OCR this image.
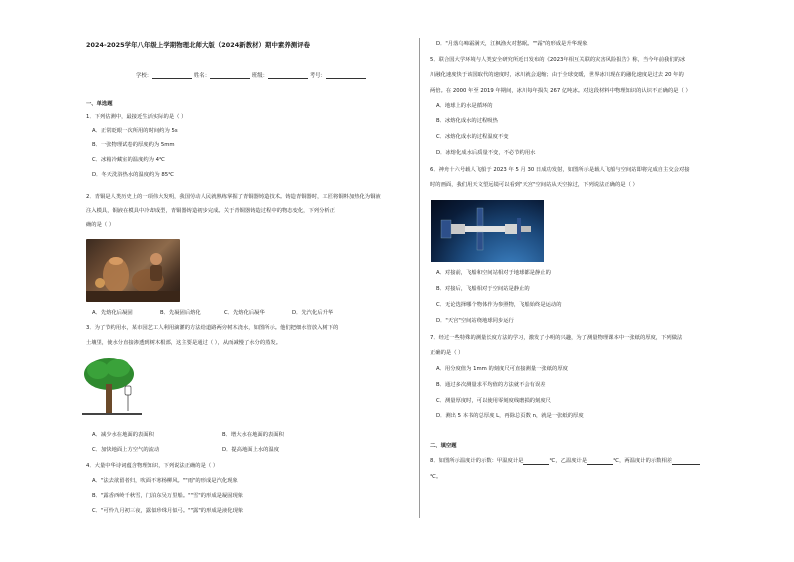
2024-2025学年八年级上学期物理北师大版（2024新教材）期中素养测评卷
学校：	姓名：	班级：	考号：
一、单选题
1．下列估测中，最接近生活实际的是（ ）
A．正常眨眼一次所用的时间约为 5s
B．一张物理试卷的厚度约为 5mm
C．冰箱冷藏室的温度约为 4℃
D．冬天洗浴热水的温度约为 85℃
2．青铜是人类历史上的一项伟大发明，我国劳动人民就熟练掌握了青铜器铸造技术。铸造青铜器时，工匠将铜料加热化为铜液
注入模具，铜液在模具中冷却成型，青铜器铸造初步完成。关于青铜器铸造过程中的物态变化，下列分析正
确的是（ ）
A．先熔化后凝固	B．先凝固后熔化	C．先熔化后凝华	D．先汽化后升华
3．为了节约用水，某市园艺工人利用滴灌的方法给道路两旁树木浇水，如图所示。他们把细水管放入树下的
土壤里，使水分直接渗透到树木根部，这主要是通过（ ），从而减慢了水分的蒸发。
A．减少水在地面的表面积	B．增大水在地面的表面积
C．加快地面上方空气的流动	D．提高地面上水的温度
4．大量中华诗词蕴含物理知识，下列说法正确的是（ ）
A．"法去欲留者归，吹面不寒杨柳风。""雨"的形成是汽化现象
B．"露香西岭千秋雪，门泊东吴万里船。""雪"的形成是凝固现象
C．"可怜九月初三夜，露似珍珠月似弓。""露"的形成是液化现象
D．"月落乌啼霜满天，江枫渔火对愁眠。""霜"的形成是升华现象
5．联合国大学环境与人类安全研究所近日发布的《2023年相互关联的灾害风险报告》称，当今年前我们的冰
川融化速度快于该国取代的速度时，冰川就会退缩；由于全球变暖，世界冰川现在的融化速度是过去 20 年的
两倍。在 2000 年至 2019 年期间，冰川每年损失 267 亿吨冰。对这段材料中物理知识的认识不正确的是（ ）
A．地球上的水是循环的
B．冰熔化成水的过程吸热
C．冰熔化成水的过程温度不变
D．冰熔化成水后质量不变，不必节约用水
6．神舟十六号载人飞船于 2023 年 5 月 30 日成功发射，如图所示是载人飞船与空间站即将完成自主交会对接
时的画面，我们用天文望远镜可以看到"天宫"空间站从天空掠过，下列说法正确的是（ ）
A．对接前，飞船和空间站相对于地球都是静止的
B．对接后，飞船相对于空间站是静止的
C．无论选择哪个物体作为参照物，飞船始终是运动的
D．"天宫"空间站绕地球同步运行
7．经过一些特殊的测量长度方法的学习，激发了小明的兴趣，为了测量物理课本中一张纸的厚度，下列做法
正确的是（ ）
A．用分度值为 1mm 的刻度尺可直接测量一张纸的厚度
B．通过多次测量求平均值的方法就不会有误差
C．测量厚度时，可以使用零刻度线磨损的刻度尺
D．测出 5 本书的总厚度 L，再除总页数 n，就是一张纸的厚度
二、填空题
8．如图所示温度计的示数：甲温度计是	℃，乙温度计是	℃，两温度计的示数相差
℃。
